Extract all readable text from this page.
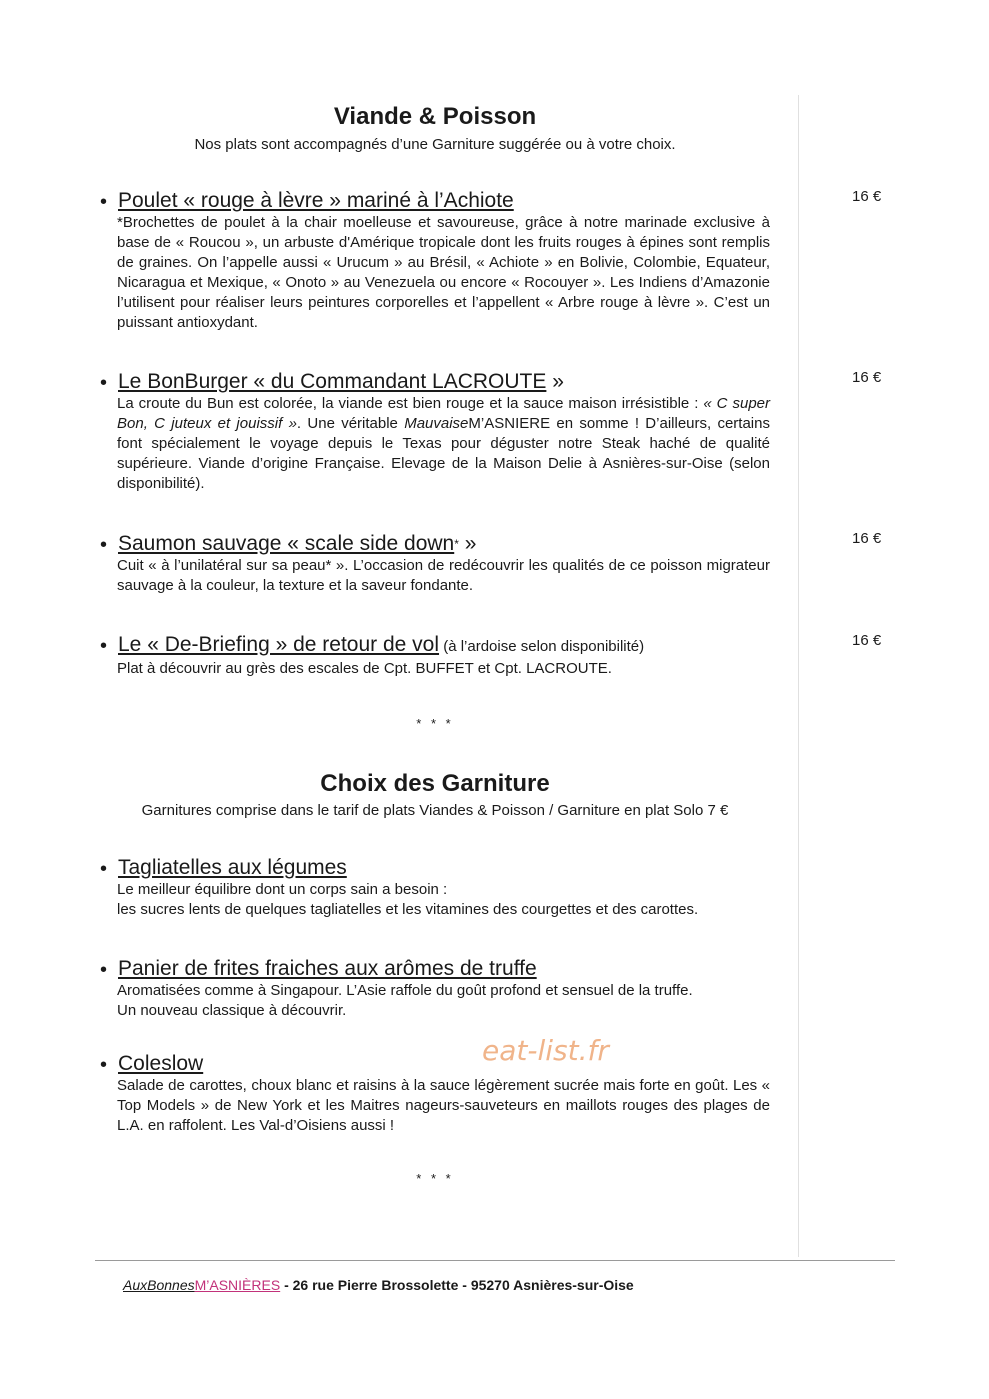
Viande & Poisson
Nos plats sont accompagnés d’une Garniture suggérée ou à votre choix.
• Poulet « rouge à lèvre » mariné à l’Achiote
*Brochettes de poulet à la chair moelleuse et savoureuse, grâce à notre marinade exclusive à base de « Roucou », un arbuste d'Amérique tropicale dont les fruits rouges à épines sont remplis de graines. On l’appelle aussi « Urucum » au Brésil, « Achiote » en Bolivie, Colombie, Equateur, Nicaragua et Mexique, « Onoto » au Venezuela ou encore « Rocouyer ». Les Indiens d’Amazonie l’utilisent pour réaliser leurs peintures corporelles et l’appellent « Arbre rouge à lèvre ». C’est un puissant antioxydant.
16 €
• Le BonBurger « du Commandant LACROUTE »
La croute du Bun est colorée, la viande est bien rouge et la sauce maison irrésistible : « C super Bon, C juteux et jouissif ». Une véritable MauvaiseM’ASNIERE en somme ! D’ailleurs, certains font spécialement le voyage depuis le Texas pour déguster notre Steak haché de qualité supérieure. Viande d’origine Française. Elevage de la Maison Delie à Asnières-sur-Oise (selon disponibilité).
16 €
• Saumon sauvage « scale side down* »
Cuit « à l’unilatéral sur sa peau* ». L’occasion de redécouvrir les qualités de ce poisson migrateur sauvage à la couleur, la texture et la saveur fondante.
16 €
• Le « De-Briefing » de retour de vol (à l’ardoise selon disponibilité)
Plat à découvrir au grès des escales de Cpt. BUFFET et Cpt. LACROUTE.
16 €
* * *
Choix des Garniture
Garnitures comprise dans le tarif de plats Viandes & Poisson / Garniture en plat Solo 7 €
• Tagliatelles aux légumes
Le meilleur équilibre dont un corps sain a besoin :
les sucres lents de quelques tagliatelles et les vitamines des courgettes et des carottes.
• Panier de frites fraiches aux arômes de truffe
Aromatisées comme à Singapour. L’Asie raffole du goût profond et sensuel de la truffe.
Un nouveau classique à découvrir.
• Coleslow
Salade de carottes, choux blanc et raisins à la sauce légèrement sucrée mais forte en goût. Les « Top Models » de New York et les Maitres nageurs-sauveteurs en maillots rouges des plages de L.A. en raffolent. Les Val-d’Oisiens aussi !
eat-list.fr
* * *
AuxBonnesM’ASNIÈRES - 26 rue Pierre Brossolette - 95270 Asnières-sur-Oise
